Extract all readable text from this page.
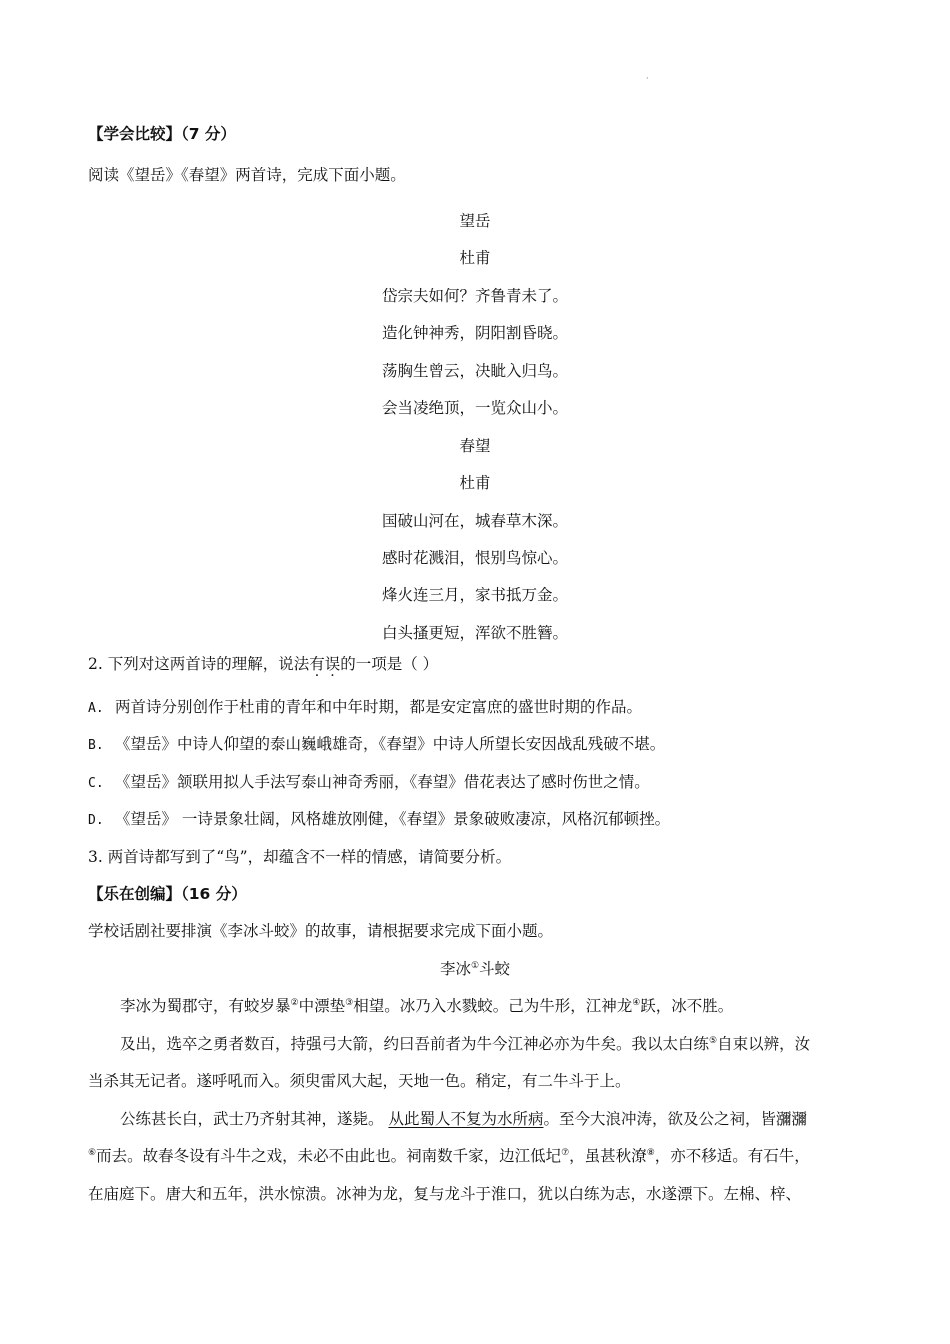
·
【学会比较】（7 分）
阅读《望岳》《春望》两首诗，完成下面小题。
望岳
杜甫
岱宗夫如何？齐鲁青未了。
造化钟神秀，阴阳割昏晓。
荡胸生曾云，决眦入归鸟。
会当凌绝顶，一览众山小。
春望
杜甫
国破山河在，城春草木深。
感时花溅泪，恨别鸟惊心。
烽火连三月，家书抵万金。
白头搔更短，浑欲不胜簪。
2. 下列对这两首诗的理解，说法有误的一项是（ ）
A. 两首诗分别创作于杜甫的青年和中年时期，都是安定富庶的盛世时期的作品。
B. 《望岳》中诗人仰望的泰山巍峨雄奇，《春望》中诗人所望长安因战乱残破不堪。
C. 《望岳》颔联用拟人手法写泰山神奇秀丽，《春望》借花表达了感时伤世之情。
D. 《望岳》 一诗景象壮阔，风格雄放刚健，《春望》景象破败凄凉，风格沉郁顿挫。
3. 两首诗都写到了“鸟”，却蕴含不一样的情感，请简要分析。
【乐在创编】（16 分）
学校话剧社要排演《李冰斗蛟》的故事，请根据要求完成下面小题。
李冰①斗蛟
李冰为蜀郡守，有蛟岁暴②中漂垫③相望。冰乃入水戮蛟。己为牛形，江神龙④跃，冰不胜。
及出，选卒之勇者数百，持强弓大箭，约曰吾前者为牛今江神必亦为牛矣。我以太白练⑤自束以辨，汝
当杀其无记者。遂呼吼而入。须臾雷风大起，天地一色。稍定，有二牛斗于上。
公练甚长白，武士乃齐射其神，遂毙。 从此蜀人不复为水所病。至今大浪冲涛，欲及公之祠，皆瀰瀰
⑥而去。故春冬设有斗牛之戏，未必不由此也。祠南数千家，边江低圮⑦，虽甚秋潦⑧，亦不移适。有石牛，
在庙庭下。唐大和五年，洪水惊溃。冰神为龙，复与龙斗于淮口，犹以白练为志，水遂漂下。左棉、梓、
